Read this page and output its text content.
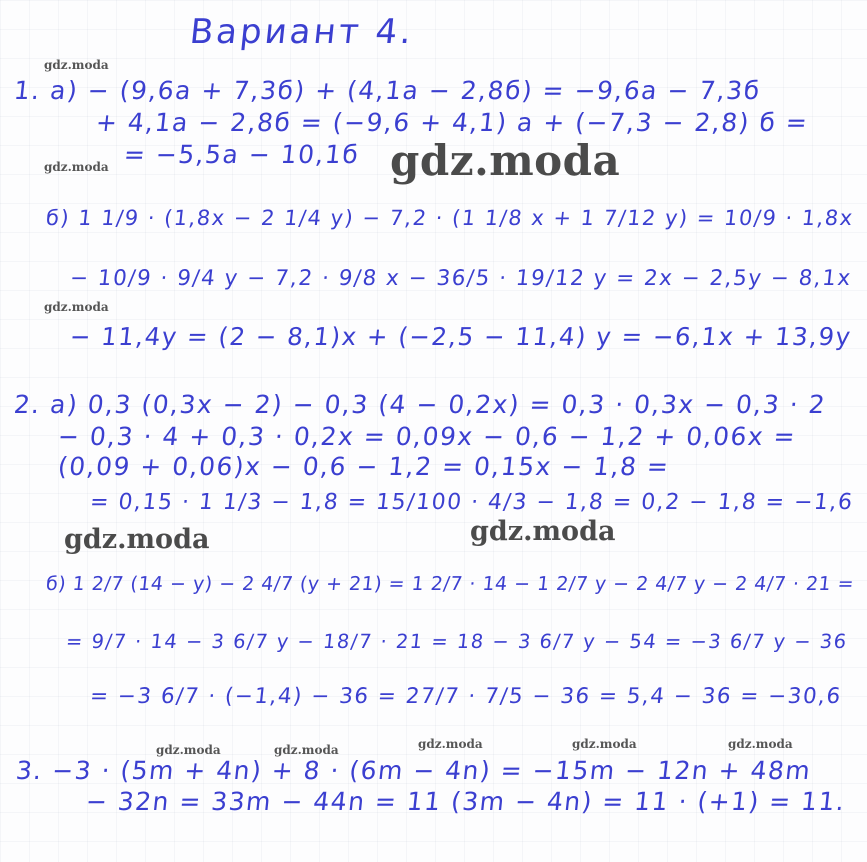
Вариант 4.
gdz.moda
gdz.moda	gdz.moda
gdz.moda
gdz.moda	gdz.moda
gdz.moda	gdz.moda	gdz.moda	gdz.moda	gdz.moda
1. а) − (9,6а + 7,3б) + (4,1а − 2,8б) = −9,6а − 7,3б
+ 4,1а − 2,8б = (−9,6 + 4,1) а + (−7,3 − 2,8) б =
= −5,5а − 10,1б
б) 1 1/9 · (1,8x − 2 1/4 y) − 7,2 · (1 1/8 x + 1 7/12 y) = 10/9 · 1,8x
− 10/9 · 9/4 y − 7,2 · 9/8 x − 36/5 · 19/12 y = 2x − 2,5y − 8,1x
− 11,4y = (2 − 8,1)x + (−2,5 − 11,4) y = −6,1x + 13,9y
2. а) 0,3 (0,3x − 2) − 0,3 (4 − 0,2x) = 0,3 · 0,3x − 0,3 · 2
− 0,3 · 4 + 0,3 · 0,2x = 0,09x − 0,6 − 1,2 + 0,06x =
(0,09 + 0,06)x − 0,6 − 1,2 = 0,15x − 1,8 =
= 0,15 · 1 1/3 − 1,8 = 15/100 · 4/3 − 1,8 = 0,2 − 1,8 = −1,6
б) 1 2/7 (14 − y) − 2 4/7 (y + 21) = 1 2/7 · 14 − 1 2/7 y − 2 4/7 y − 2 4/7 · 21 =
= 9/7 · 14 − 3 6/7 y − 18/7 · 21 = 18 − 3 6/7 y − 54 = −3 6/7 y − 36
= −3 6/7 · (−1,4) − 36 = 27/7 · 7/5 − 36 = 5,4 − 36 = −30,6
3. −3 · (5m + 4n) + 8 · (6m − 4n) = −15m − 12n + 48m
− 32n = 33m − 44n = 11 (3m − 4n) = 11 · (+1) = 11.
